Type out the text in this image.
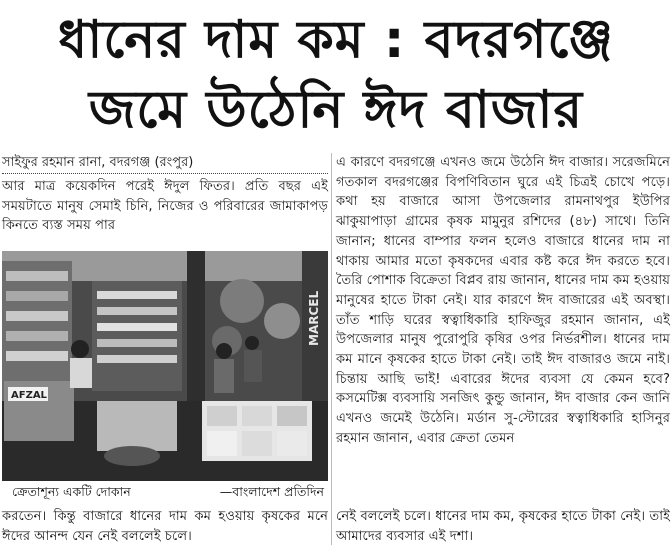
ধানের দাম কম : বদরগঞ্জে
জমে উঠেনি ঈদ বাজার
সাইফুর রহমান রানা, বদরগঞ্জ (রংপুর)
আর মাত্র কয়েকদিন পরেই ঈদুল ফিতর। প্রতি বছর এই সময়টাতে মানুষ সেমাই চিনি, নিজের ও পরিবারের জামাকাপড় কিনতে ব্যস্ত সময় পার
MARCEL
AFZAL
ক্রেতাশূন্য একটি দোকান	—বাংলাদেশ প্রতিদিন
করতেন। কিন্তু বাজারে ধানের দাম কম হওয়ায় কৃষকের মনে ঈদের আনন্দ যেন নেই বললেই চলে।
এ কারণে বদরগঞ্জে এখনও জমে উঠেনি ঈদ বাজার। সরেজমিনে গতকাল বদরগঞ্জের বিপণিবিতান ঘুরে এই চিত্রই চোখে পড়ে। কথা হয় বাজারে আসা উপজেলার রামনাথপুর ইউপির ঝাকুয়াপাড়া গ্রামের কৃষক মামুনুর রশিদের (৪৮) সাথে। তিনি জানান; ধানের বাম্পার ফলন হলেও বাজারে ধানের দাম না থাকায় আমার মতো কৃষকদের এবার কষ্ট করে ঈদ করতে হবে। তৈরি পোশাক বিক্রেতা বিপ্লব রায় জানান, ধানের দাম কম হওয়ায় মানুষের হাতে টাকা নেই। যার কারণে ঈদ বাজারের এই অবস্থা। তাঁত শাড়ি ঘরের স্বত্বাধিকারি হাফিজুর রহমান জানান, এই উপজেলার মানুষ পুরোপুরি কৃষির ওপর নির্ভরশীল। ধানের দাম কম মানে কৃষকের হাতে টাকা নেই। তাই ঈদ বাজারও জমে নাই। চিন্তায় আছি ভাই! এবারের ঈদের ব্যবসা যে কেমন হবে? কসমেটিক্স ব্যবসায়ি সনজিৎ কুন্ডু জানান, ঈদ বাজার কেন জানি এখনও জমেই উঠেনি। মর্ডান সু-স্টোরের স্বত্বাধিকারি হাসিনুর রহমান জানান, এবার ক্রেতা তেমন
নেই বললেই চলে। ধানের দাম কম, কৃষকের হাতে টাকা নেই। তাই আমাদের ব্যবসার এই দশা।
